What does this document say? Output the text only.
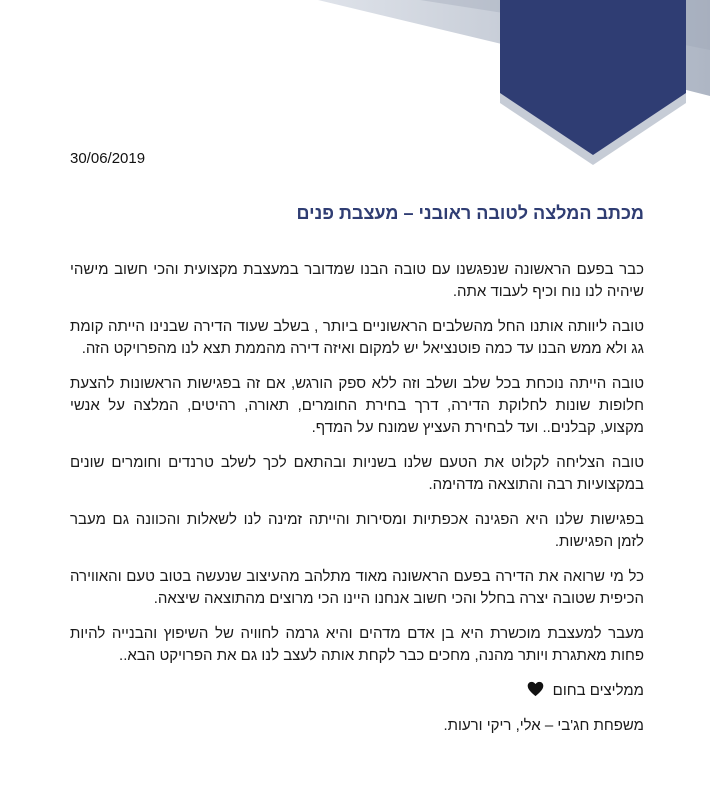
30/06/2019
מכתב המלצה לטובה ראובני – מעצבת פנים

כבר בפעם הראשונה שנפגשנו עם טובה הבנו שמדובר במעצבת מקצועית והכי חשוב מישהי שיהיה לנו נוח וכיף לעבוד אתה.

טובה ליוותה אותנו החל מהשלבים הראשוניים ביותר , בשלב שעוד הדירה שבנינו הייתה קומת גג ולא ממש הבנו עד כמה פוטנציאל יש למקום ואיזה דירה מהממת תצא לנו מהפרויקט הזה.

טובה הייתה נוכחת בכל שלב ושלב וזה ללא ספק הורגש, אם זה בפגישות הראשונות להצעת חלופות שונות לחלוקת הדירה, דרך בחירת החומרים, תאורה, רהיטים, המלצה על אנשי מקצוע, קבלנים.. ועד לבחירת העציץ שמונח על המדף.

טובה הצליחה לקלוט את הטעם שלנו בשניות ובהתאם לכך לשלב טרנדים וחומרים שונים במקצועיות רבה והתוצאה מדהימה.

בפגישות שלנו היא הפגינה אכפתיות ומסירות והייתה זמינה לנו לשאלות והכוונה גם מעבר לזמן הפגישות.

כל מי שרואה את הדירה בפעם הראשונה מאוד מתלהב מהעיצוב שנעשה בטוב טעם והאווירה הכיפית שטובה יצרה בחלל והכי חשוב אנחנו היינו הכי מרוצים מהתוצאה שיצאה.

מעבר למעצבת מוכשרת היא בן אדם מדהים והיא גרמה לחוויה של השיפוץ והבנייה להיות פחות מאתגרת ויותר מהנה, מחכים כבר לקחת אותה לעצב לנו גם את הפרויקט הבא..

ממליצים בחום
משפחת חג'בי – אלי, ריקי ורעות.
